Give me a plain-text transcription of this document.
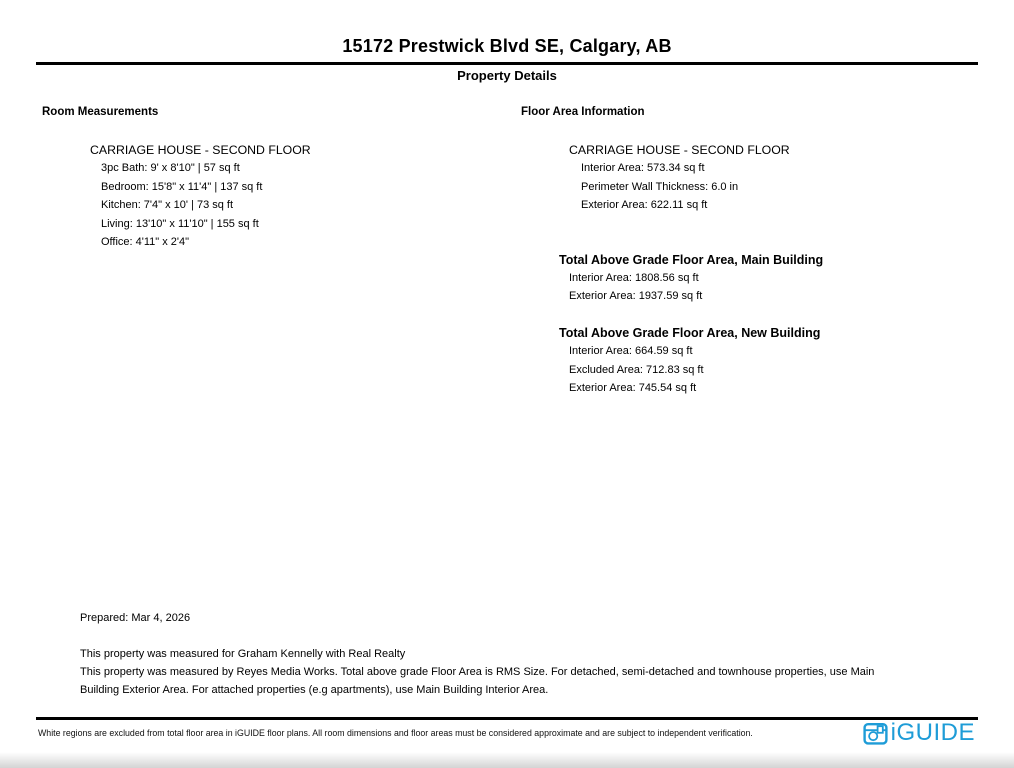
15172 Prestwick Blvd SE, Calgary, AB
Property Details
Room Measurements
CARRIAGE HOUSE - SECOND FLOOR
3pc Bath: 9' x 8'10" | 57 sq ft
Bedroom: 15'8" x 11'4" | 137 sq ft
Kitchen: 7'4" x 10' | 73 sq ft
Living: 13'10" x 11'10" | 155 sq ft
Office: 4'11" x 2'4"
Floor Area Information
CARRIAGE HOUSE - SECOND FLOOR
Interior Area: 573.34 sq ft
Perimeter Wall Thickness: 6.0 in
Exterior Area: 622.11 sq ft
Total Above Grade Floor Area, Main Building
Interior Area: 1808.56 sq ft
Exterior Area: 1937.59 sq ft
Total Above Grade Floor Area, New Building
Interior Area: 664.59 sq ft
Excluded Area: 712.83 sq ft
Exterior Area: 745.54 sq ft
Prepared: Mar 4, 2026
This property was measured for Graham Kennelly with Real Realty
This property was measured by Reyes Media Works. Total above grade Floor Area is RMS Size. For detached, semi-detached and townhouse properties, use Main Building Exterior Area. For attached properties (e.g apartments), use Main Building Interior Area.
White regions are excluded from total floor area in iGUIDE floor plans. All room dimensions and floor areas must be considered approximate and are subject to independent verification.	iGUIDE
